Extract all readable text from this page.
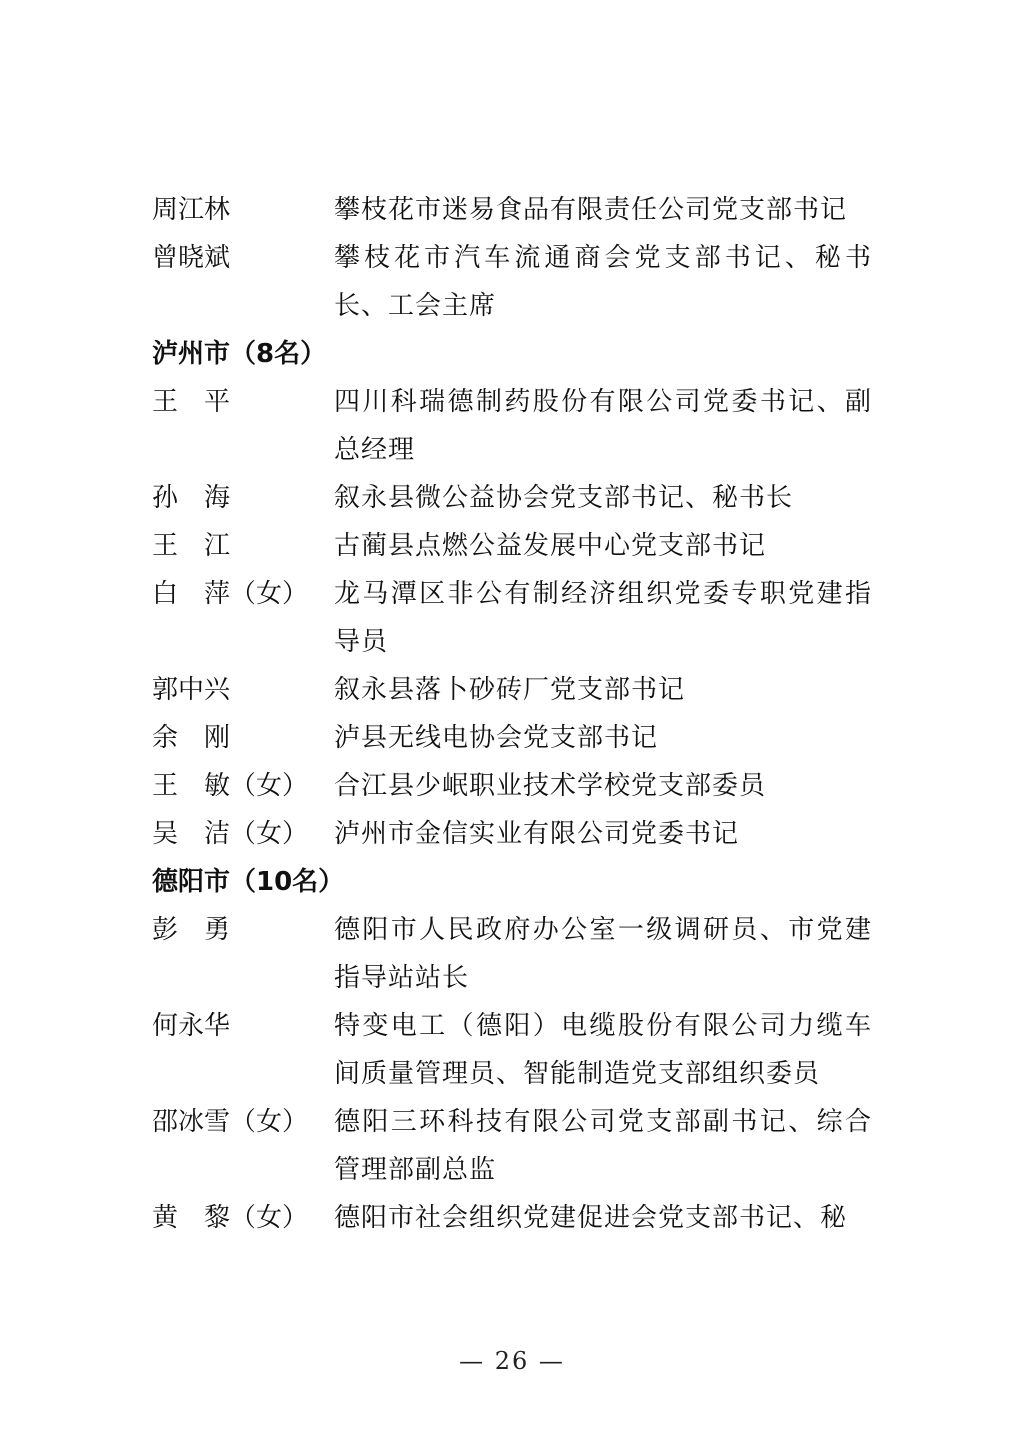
周江林	攀枝花市迷易食品有限责任公司党支部书记
曾晓斌	攀枝花市汽车流通商会党支部书记、秘书长、工会主席
泸州市（8名）
王　平	四川科瑞德制药股份有限公司党委书记、副总经理
孙　海	叙永县微公益协会党支部书记、秘书长
王　江	古蔺县点燃公益发展中心党支部书记
白　萍（女） 龙马潭区非公有制经济组织党委专职党建指导员
郭中兴	叙永县落卜砂砖厂党支部书记
余　刚	泸县无线电协会党支部书记
王　敏（女） 合江县少岷职业技术学校党支部委员
吴　洁（女） 泸州市金信实业有限公司党委书记
德阳市（10名）
彭　勇	德阳市人民政府办公室一级调研员、市党建指导站站长
何永华	特变电工（德阳）电缆股份有限公司力缆车间质量管理员、智能制造党支部组织委员
邵冰雪（女） 德阳三环科技有限公司党支部副书记、综合管理部副总监
黄　黎（女） 德阳市社会组织党建促进会党支部书记、秘
— 26 —
